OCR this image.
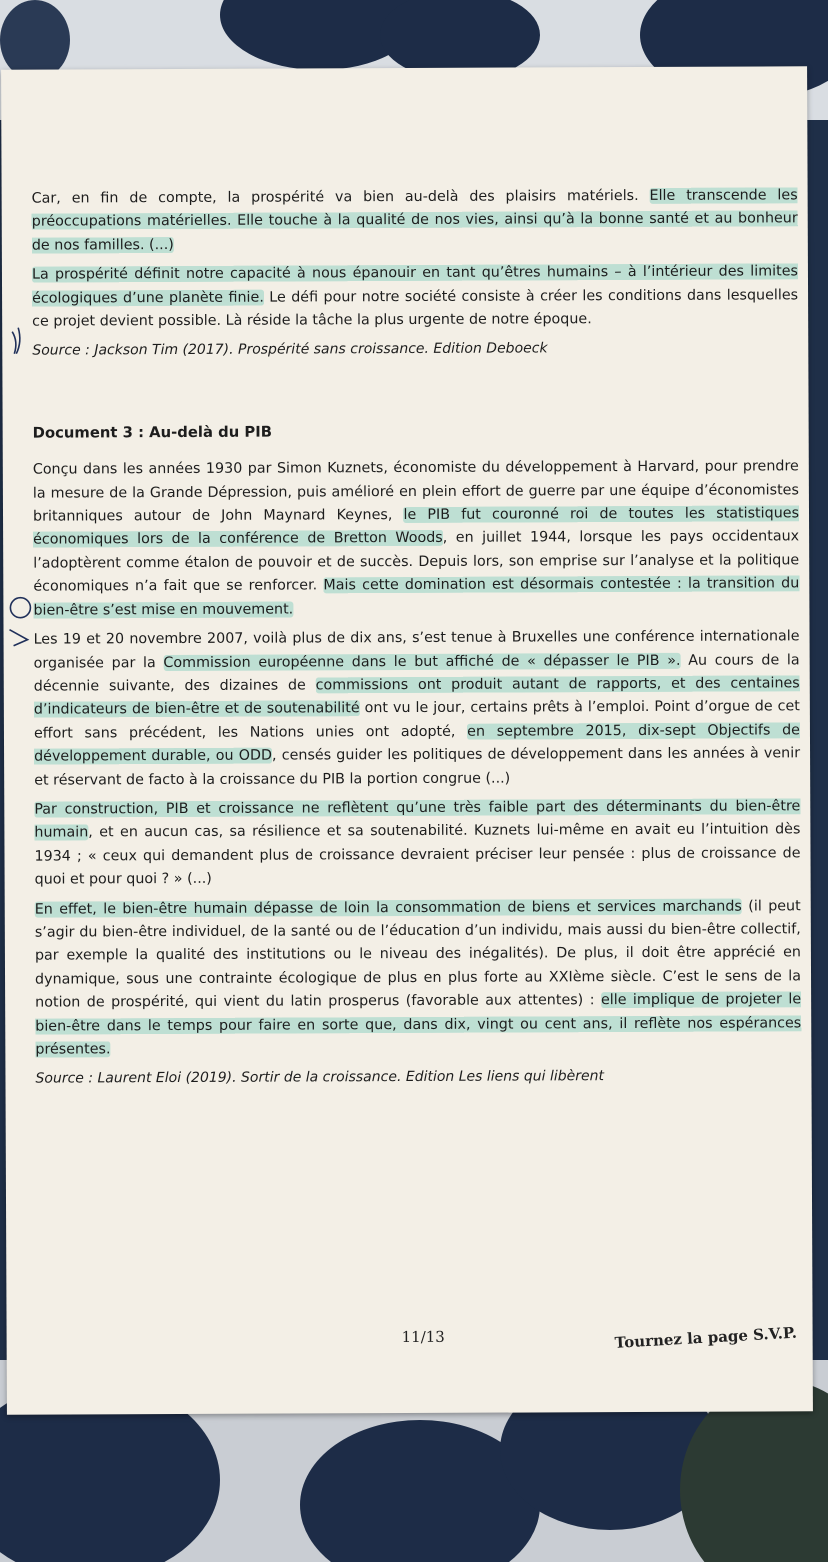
Car, en fin de compte, la prospérité va bien au-delà des plaisirs matériels. Elle transcende les préoccupations matérielles. Elle touche à la qualité de nos vies, ainsi qu’à la bonne santé et au bonheur de nos familles. (...)

La prospérité définit notre capacité à nous épanouir en tant qu’êtres humains – à l’intérieur des limites écologiques d’une planète finie. Le défi pour notre société consiste à créer les conditions dans lesquelles ce projet devient possible. Là réside la tâche la plus urgente de notre époque.

Source : Jackson Tim (2017). Prospérité sans croissance. Edition Deboeck

Document 3 : Au-delà du PIB

Conçu dans les années 1930 par Simon Kuznets, économiste du développement à Harvard, pour prendre la mesure de la Grande Dépression, puis amélioré en plein effort de guerre par une équipe d’économistes britanniques autour de John Maynard Keynes, le PIB fut couronné roi de toutes les statistiques économiques lors de la conférence de Bretton Woods, en juillet 1944, lorsque les pays occidentaux l’adoptèrent comme étalon de pouvoir et de succès. Depuis lors, son emprise sur l’analyse et la politique économiques n’a fait que se renforcer. Mais cette domination est désormais contestée : la transition du bien-être s’est mise en mouvement.

Les 19 et 20 novembre 2007, voilà plus de dix ans, s’est tenue à Bruxelles une conférence internationale organisée par la Commission européenne dans le but affiché de « dépasser le PIB ». Au cours de la décennie suivante, des dizaines de commissions ont produit autant de rapports, et des centaines d’indicateurs de bien-être et de soutenabilité ont vu le jour, certains prêts à l’emploi. Point d’orgue de cet effort sans précédent, les Nations unies ont adopté, en septembre 2015, dix-sept Objectifs de développement durable, ou ODD, censés guider les politiques de développement dans les années à venir et réservant de facto à la croissance du PIB la portion congrue (...)

Par construction, PIB et croissance ne reflètent qu’une très faible part des déterminants du bien-être humain, et en aucun cas, sa résilience et sa soutenabilité. Kuznets lui-même en avait eu l’intuition dès 1934 ; « ceux qui demandent plus de croissance devraient préciser leur pensée : plus de croissance de quoi et pour quoi ? » (...)

En effet, le bien-être humain dépasse de loin la consommation de biens et services marchands (il peut s’agir du bien-être individuel, de la santé ou de l’éducation d’un individu, mais aussi du bien-être collectif, par exemple la qualité des institutions ou le niveau des inégalités). De plus, il doit être apprécié en dynamique, sous une contrainte écologique de plus en plus forte au XXIème siècle. C’est le sens de la notion de prospérité, qui vient du latin prosperus (favorable aux attentes) : elle implique de projeter le bien-être dans le temps pour faire en sorte que, dans dix, vingt ou cent ans, il reflète nos espérances présentes.

Source : Laurent Eloi (2019). Sortir de la croissance. Edition Les liens qui libèrent

11/13	Tournez la page S.V.P.
